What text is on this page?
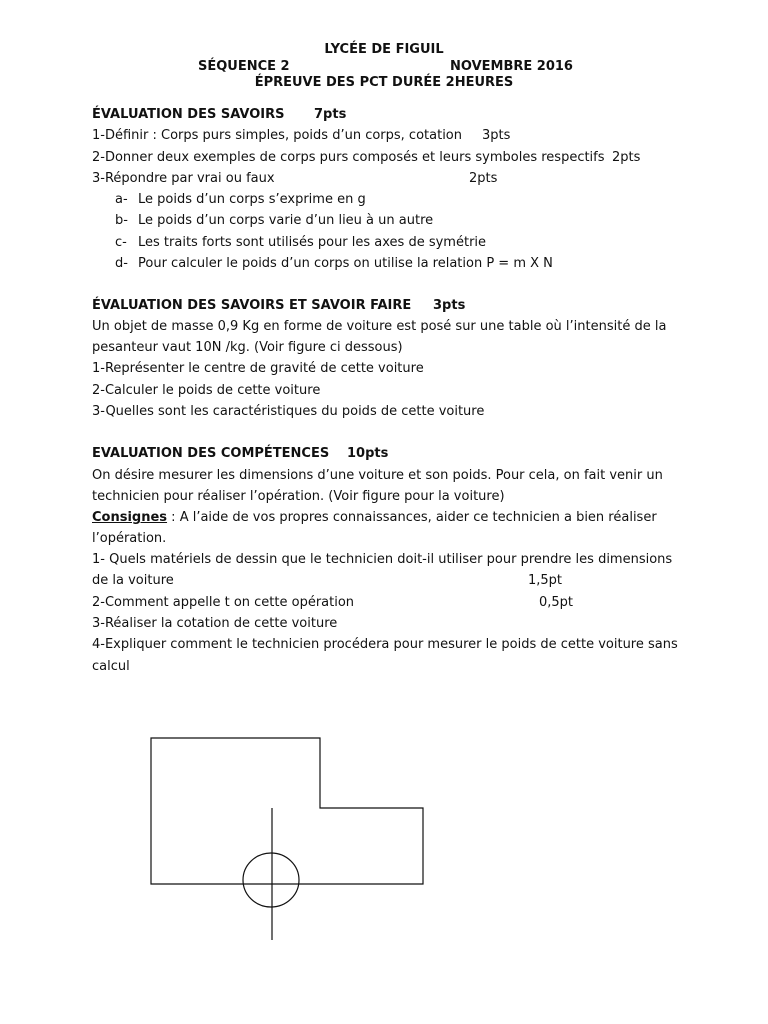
LYCÉE DE FIGUIL
SÉQUENCE 2	NOVEMBRE 2016
ÉPREUVE DES PCT DURÉE 2HEURES
ÉVALUATION DES SAVOIRS 7pts
1-Définir : Corps purs simples, poids d’un corps, cotation 3pts
2-Donner deux exemples de corps purs composés et leurs symboles respectifs 2pts
3-Répondre par vrai ou faux	2pts
a- Le poids d’un corps s’exprime en g
b- Le poids d’un corps varie d’un lieu à un autre
c- Les traits forts sont utilisés pour les axes de symétrie
d- Pour calculer le poids d’un corps on utilise la relation P = m X N
ÉVALUATION DES SAVOIRS ET SAVOIR FAIRE 3pts
Un objet de masse 0,9 Kg en forme de voiture est posé sur une table où l’intensité de la
pesanteur vaut 10N /kg. (Voir figure ci dessous)
1-Représenter le centre de gravité de cette voiture
2-Calculer le poids de cette voiture
3-Quelles sont les caractéristiques du poids de cette voiture
EVALUATION DES COMPÉTENCES 10pts
On désire mesurer les dimensions d’une voiture et son poids. Pour cela, on fait venir un
technicien pour réaliser l’opération. (Voir figure pour la voiture)
Consignes : A l’aide de vos propres connaissances, aider ce technicien a bien réaliser
l’opération.
1- Quels matériels de dessin que le technicien doit-il utiliser pour prendre les dimensions
de la voiture	1,5pt
2-Comment appelle t on cette opération	0,5pt
3-Réaliser la cotation de cette voiture
4-Expliquer comment le technicien procédera pour mesurer le poids de cette voiture sans
calcul
